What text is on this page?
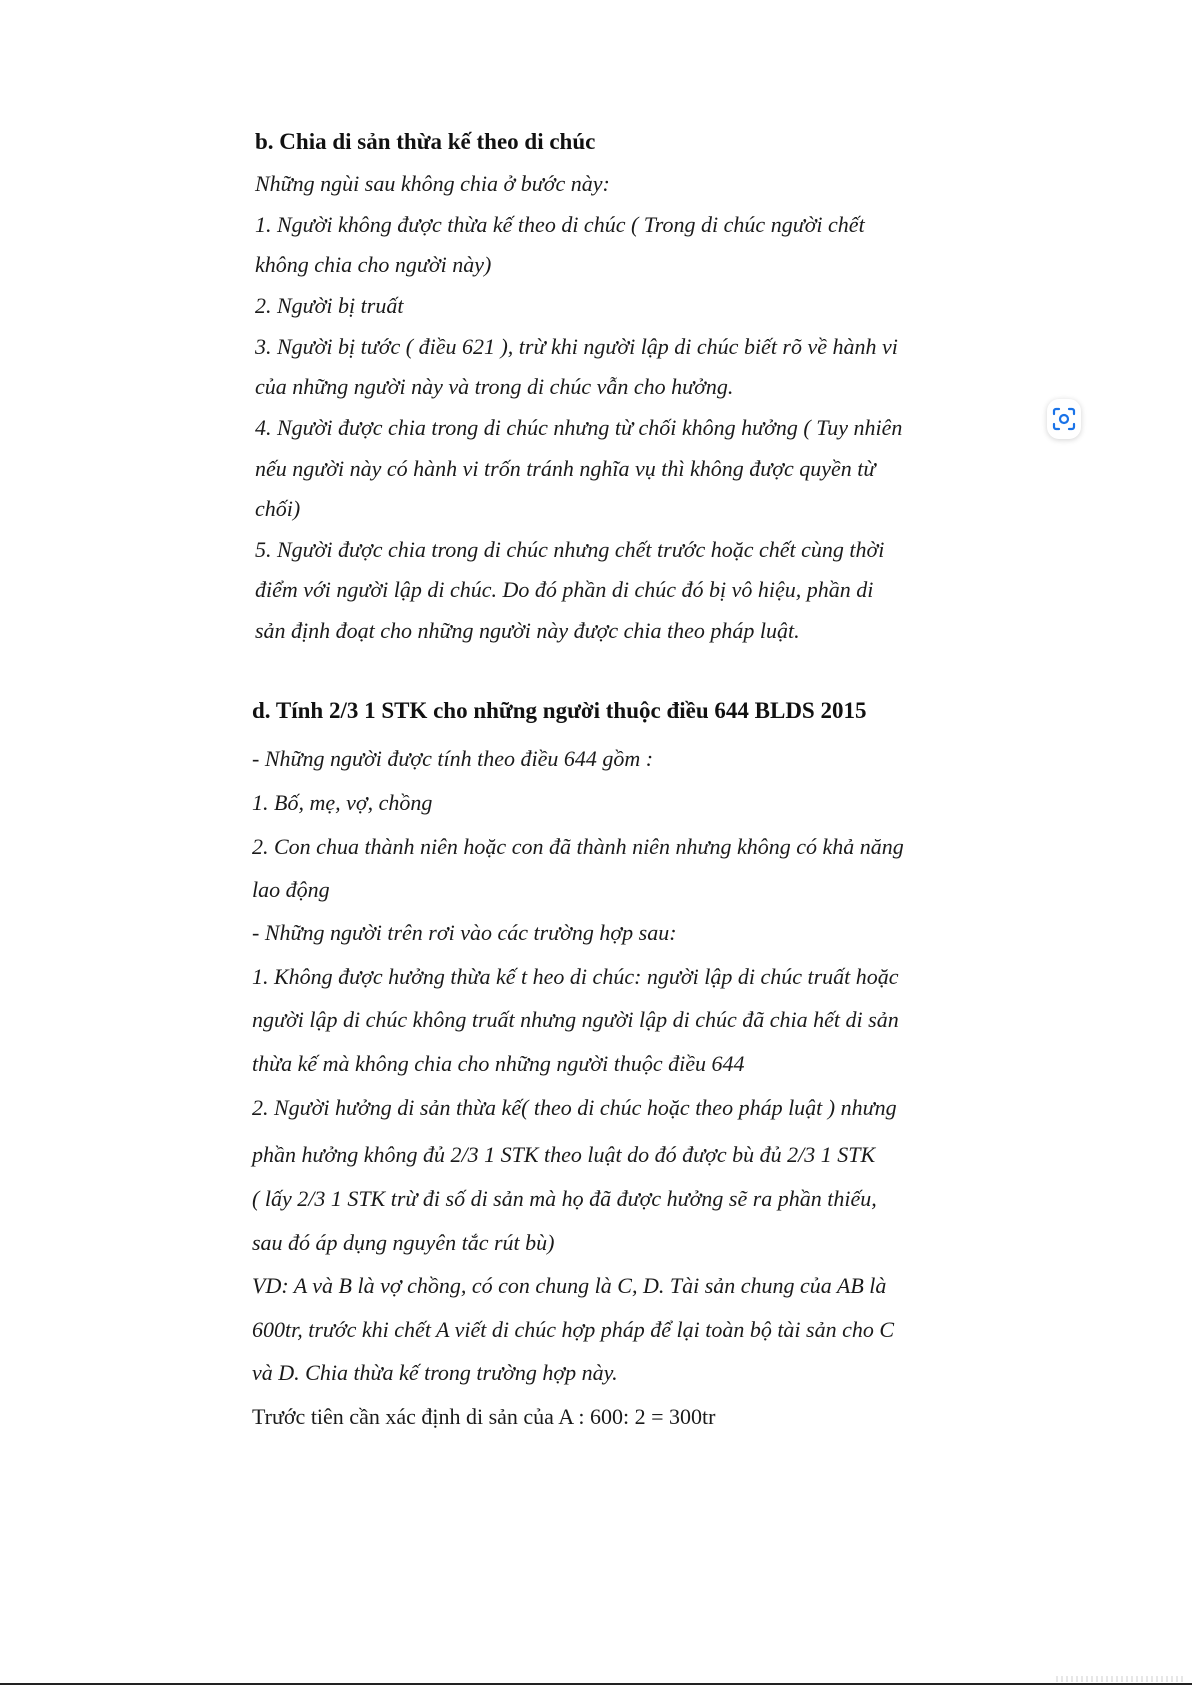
b. Chia di sản thừa kế theo di chúc
Những ngùi sau không chia ở bước này:
1. Người không được thừa kế theo di chúc ( Trong di chúc người chết
không chia cho người này)
2. Người bị truất
3. Người bị tước ( điều 621 ), trừ khi người lập di chúc biết rõ về hành vi
của những người này và trong di chúc vẫn cho hưởng.
4. Người được chia trong di chúc nhưng từ chối không hưởng ( Tuy nhiên
nếu người này có hành vi trốn tránh nghĩa vụ thì không được quyền từ
chối)
5. Người được chia trong di chúc nhưng chết trước hoặc chết cùng thời
điểm với người lập di chúc. Do đó phần di chúc đó bị vô hiệu, phần di
sản định đoạt cho những người này được chia theo pháp luật.
d. Tính 2/3 1 STK cho những người thuộc điều 644 BLDS 2015
- Những người được tính theo điều 644 gồm :
1. Bố, mẹ, vợ, chồng
2. Con chua thành niên hoặc con đã thành niên nhưng không có khả năng
lao động
- Những người trên rơi vào các trường hợp sau:
1. Không được hưởng thừa kế t heo di chúc: người lập di chúc truất hoặc
người lập di chúc không truất nhưng người lập di chúc đã chia hết di sản
thừa kế mà không chia cho những người thuộc điều 644
2. Người hưởng di sản thừa kế( theo di chúc hoặc theo pháp luật ) nhưng
phần hưởng không đủ 2/3 1 STK theo luật do đó được bù đủ 2/3 1 STK
( lấy 2/3 1 STK trừ đi số di sản mà họ đã được hưởng sẽ ra phần thiếu,
sau đó áp dụng nguyên tắc rút bù)
VD: A và B là vợ chồng, có con chung là C, D. Tài sản chung của AB là
600tr, trước khi chết A viết di chúc hợp pháp để lại toàn bộ tài sản cho C
và D. Chia thừa kế trong trường hợp này.
Trước tiên cần xác định di sản của A : 600: 2 = 300tr
